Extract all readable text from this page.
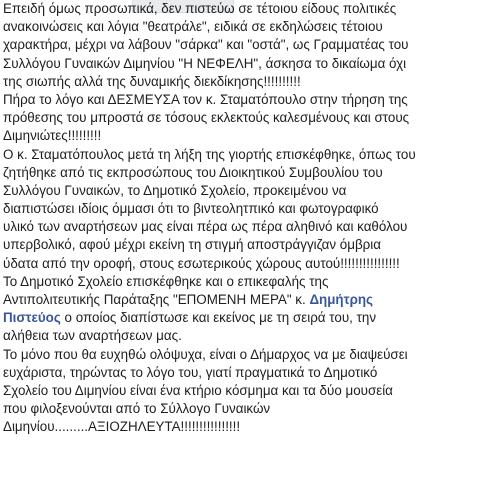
Επειδή όμως προσωπικά, δεν πιστεύω σε τέτοιου είδους πολιτικές
ανακοινώσεις και λόγια "θεατράλε", ειδικά σε εκδηλώσεις τέτοιου
χαρακτήρα, μέχρι να λάβουν "σάρκα" και "οστά", ως Γραμματέας του
Συλλόγου Γυναικών Διμηνίου "Η ΝΕΦΕΛΗ", άσκησα το δικαίωμα όχι
της σιωπής αλλά της δυναμικής διεκδίκησης!!!!!!!!!!
Πήρα το λόγο και ΔΕΣΜΕΥΣΑ τον κ. Σταματόπουλο στην τήρηση της
πρόθεσης του μπροστά σε τόσους εκλεκτούς καλεσμένους και στους
Διμηνιώτες!!!!!!!!!
Ο κ. Σταματόπουλος μετά τη λήξη της γιορτής επισκέφθηκε, όπως του
ζητήθηκε από τις εκπροσώπους του Διοικητικού Συμβουλίου του
Συλλόγου Γυναικών, το Δημοτικό Σχολείο, προκειμένου να
διαπιστώσει ιδίοις όμμασι ότι το βιντεολητπικό και φωτογραφικό
υλικό των αναρτήσεων μας είναι πέρα ως πέρα αληθινό και καθόλου
υπερβολικό, αφού μέχρι εκείνη τη στιγμή αποστράγγιζαν όμβρια
ύδατα από την οροφή, στους εσωτερικούς χώρους αυτού!!!!!!!!!!!!!!!!
Το Δημοτικό Σχολείο επισκέφθηκε και ο επικεφαλής της
Αντιπολιτευτικής Παράταξης "ΕΠΟΜΕΝΗ ΜΕΡΑ" κ. Δημήτρης
Πιστεύος ο οποίος διαπίστωσε και εκείνος με τη σειρά του, την
αλήθεια των αναρτήσεων μας.
Το μόνο που θα ευχηθώ ολόψυχα, είναι ο Δήμαρχος να με διαψεύσει
ευχάριστα, τηρώντας το λόγο του, γιατί πραγματικά το Δημοτικό
Σχολείο του Διμηνίου είναι ένα κτήριο κόσμημα και τα δύο μουσεία
που φιλοξενούνται από το Σύλλογο Γυναικών
Διμηνίου.........ΑΞΙΟΖΗΛΕΥΤΑ!!!!!!!!!!!!!!!!
